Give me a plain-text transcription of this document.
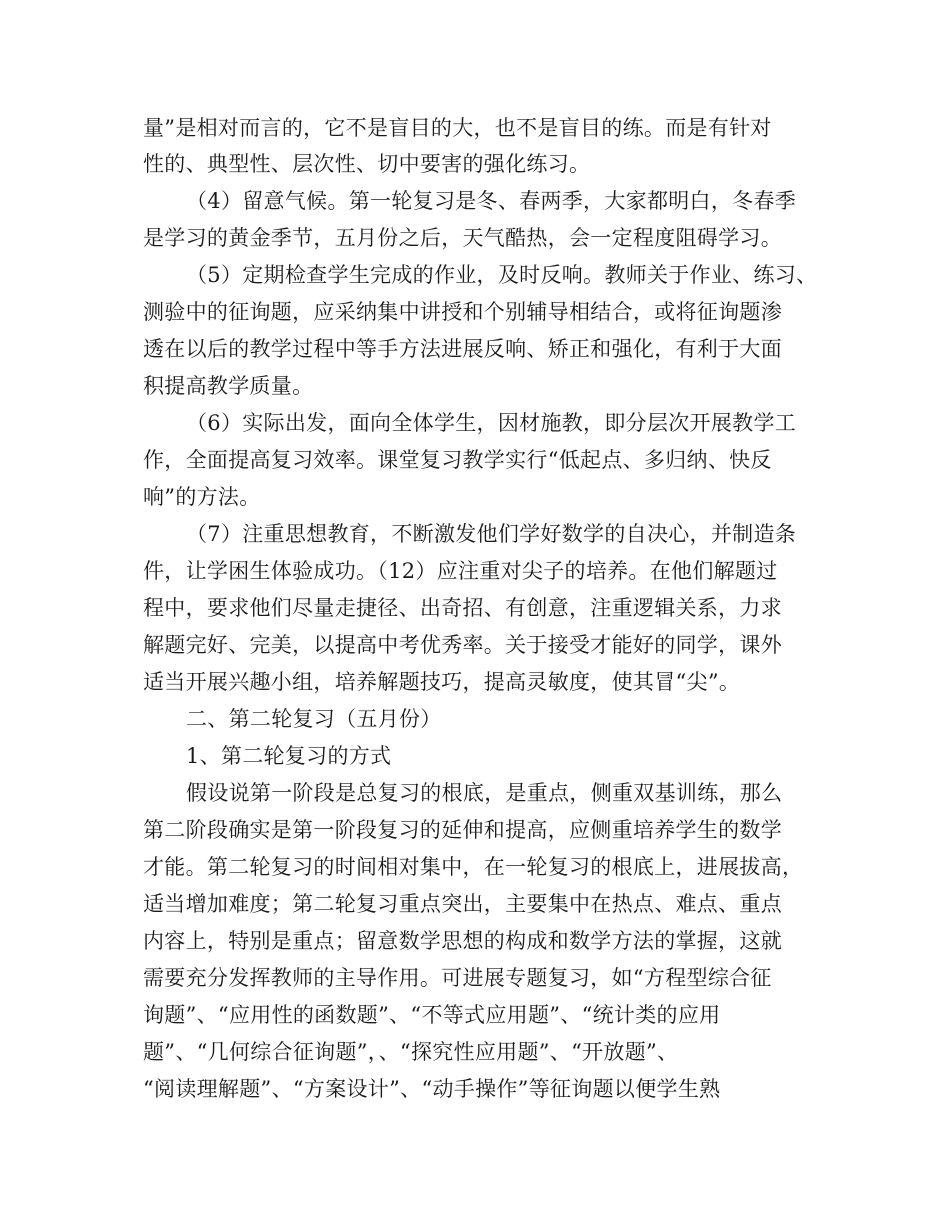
量”是相对而言的，它不是盲目的大，也不是盲目的练。而是有针对
性的、典型性、层次性、切中要害的强化练习。
（4）留意气候。第一轮复习是冬、春两季，大家都明白，冬春季
是学习的黄金季节，五月份之后，天气酷热，会一定程度阻碍学习。
（5）定期检查学生完成的作业，及时反响。教师关于作业、练习、
测验中的征询题，应采纳集中讲授和个别辅导相结合，或将征询题渗
透在以后的教学过程中等手方法进展反响、矫正和强化，有利于大面
积提高教学质量。
（6）实际出发，面向全体学生，因材施教，即分层次开展教学工
作，全面提高复习效率。课堂复习教学实行“低起点、多归纳、快反
响”的方法。
（7）注重思想教育，不断激发他们学好数学的自决心，并制造条
件，让学困生体验成功。（12）应注重对尖子的培养。在他们解题过
程中，要求他们尽量走捷径、出奇招、有创意，注重逻辑关系，力求
解题完好、完美，以提高中考优秀率。关于接受才能好的同学，课外
适当开展兴趣小组，培养解题技巧，提高灵敏度，使其冒“尖”。
二、第二轮复习（五月份）
1、第二轮复习的方式
假设说第一阶段是总复习的根底，是重点，侧重双基训练，那么
第二阶段确实是第一阶段复习的延伸和提高，应侧重培养学生的数学
才能。第二轮复习的时间相对集中，在一轮复习的根底上，进展拔高，
适当增加难度；第二轮复习重点突出，主要集中在热点、难点、重点
内容上，特别是重点；留意数学思想的构成和数学方法的掌握，这就
需要充分发挥教师的主导作用。可进展专题复习，如“方程型综合征
询题”、“应用性的函数题”、“不等式应用题”、“统计类的应用
题”、“几何综合征询题”，、“探究性应用题”、“开放题”、
“阅读理解题”、“方案设计”、“动手操作”等征询题以便学生熟
